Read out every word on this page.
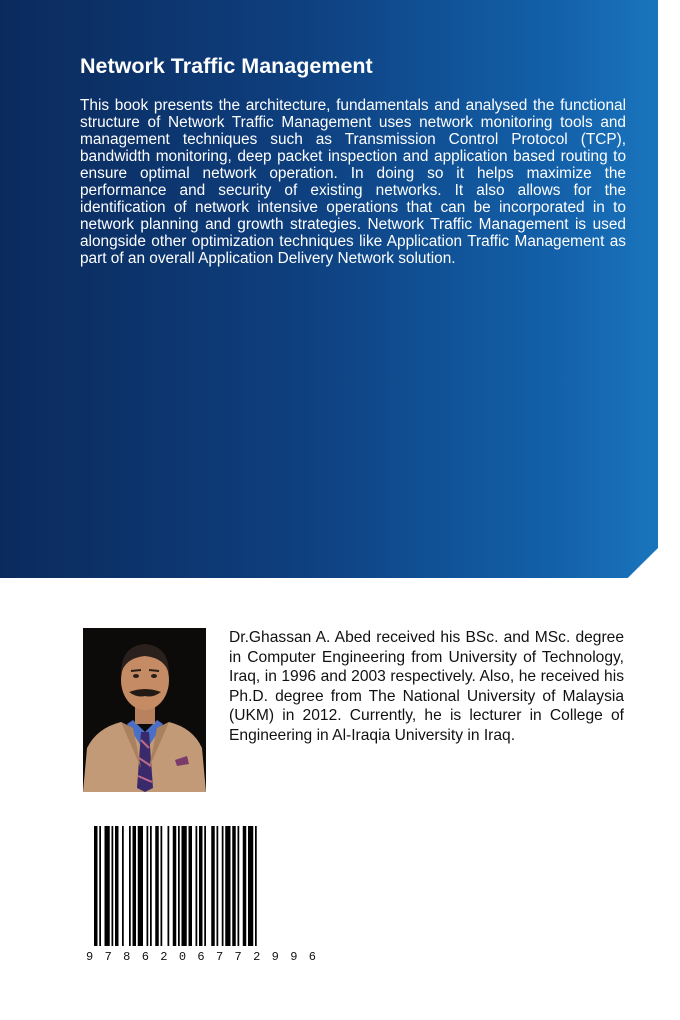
Network Traffic Management

This book presents the architecture, fundamentals and analysed the functional structure of Network Traffic Management uses network monitoring tools and management techniques such as Transmission Control Protocol (TCP), bandwidth monitoring, deep packet inspection and application based routing to ensure optimal network operation. In doing so it helps maximize the performance and security of existing networks. It also allows for the identification of network intensive operations that can be incorporated in to network planning and growth strategies. Network Traffic Management is used alongside other optimization techniques like Application Traffic Management as part of an overall Application Delivery Network solution.

Dr.Ghassan A. Abed received his BSc. and MSc. degree in Computer Engineering from University of Technology, Iraq, in 1996 and 2003 respectively. Also, he received his Ph.D. degree from The National University of Malaysia (UKM) in 2012. Currently, he is lecturer in College of Engineering in Al-Iraqia University in Iraq.

9 7 8 6 2 0 6 7 7 2 9 9 6
